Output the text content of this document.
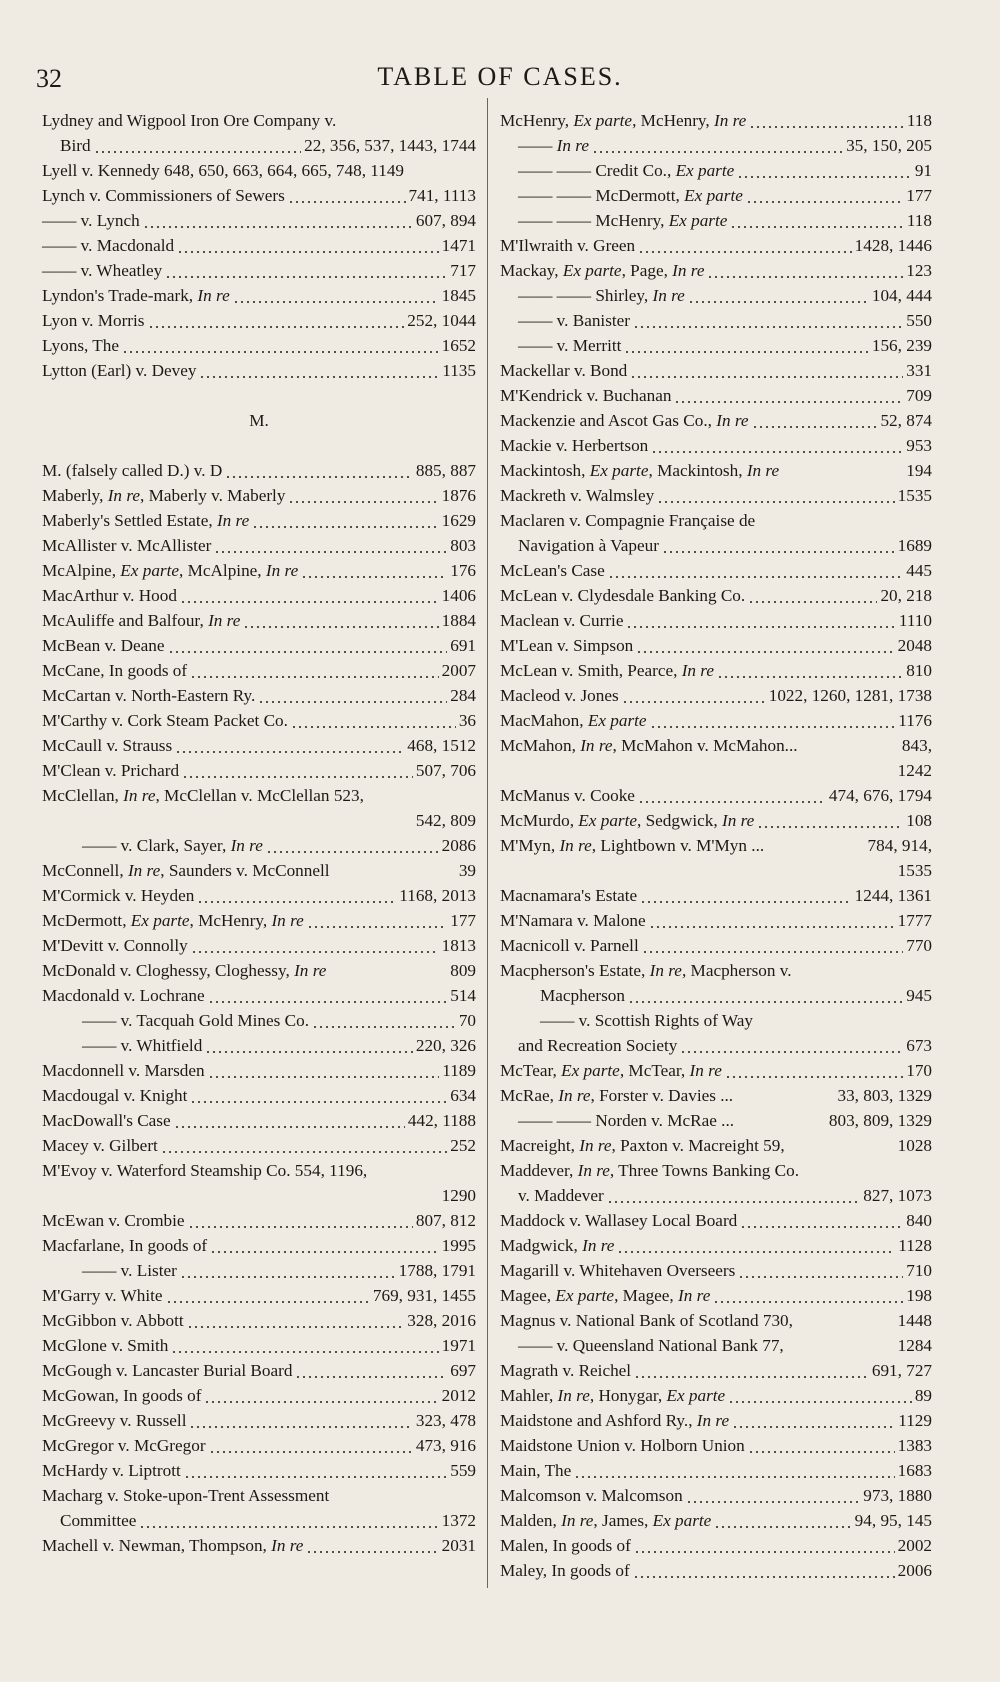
32	TABLE OF CASES.
Lydney and Wigpool Iron Ore Company v.
Bird	22, 356, 537, 1443, 1744
Lyell v. Kennedy 648, 650, 663, 664, 665, 748, 1149
Lynch v. Commissioners of Sewers	741, 1113
—— v. Lynch	607, 894
—— v. Macdonald	1471
—— v. Wheatley	717
Lyndon's Trade-mark, In re	1845
Lyon v. Morris	252, 1044
Lyons, The	1652
Lytton (Earl) v. Devey	1135
M.
M. (falsely called D.) v. D	885, 887
Maberly, In re, Maberly v. Maberly	1876
Maberly's Settled Estate, In re	1629
McAllister v. McAllister	803
McAlpine, Ex parte, McAlpine, In re	176
MacArthur v. Hood	1406
McAuliffe and Balfour, In re	1884
McBean v. Deane	691
McCane, In goods of	2007
McCartan v. North-Eastern Ry.	284
M'Carthy v. Cork Steam Packet Co.	36
McCaull v. Strauss	468, 1512
M'Clean v. Prichard	507, 706
McClellan, In re, McClellan v. McClellan 523,
542, 809
—— v. Clark, Sayer, In re	2086
McConnell, In re, Saunders v. McConnell	39
M'Cormick v. Heyden	1168, 2013
McDermott, Ex parte, McHenry, In re	177
M'Devitt v. Connolly	1813
McDonald v. Cloghessy, Cloghessy, In re	809
Macdonald v. Lochrane	514
—— v. Tacquah Gold Mines Co.	70
—— v. Whitfield	220, 326
Macdonnell v. Marsden	1189
Macdougal v. Knight	634
MacDowall's Case	442, 1188
Macey v. Gilbert	252
M'Evoy v. Waterford Steamship Co. 554, 1196,
1290
McEwan v. Crombie	807, 812
Macfarlane, In goods of	1995
—— v. Lister	1788, 1791
M'Garry v. White	769, 931, 1455
McGibbon v. Abbott	328, 2016
McGlone v. Smith	1971
McGough v. Lancaster Burial Board	697
McGowan, In goods of	2012
McGreevy v. Russell	323, 478
McGregor v. McGregor	473, 916
McHardy v. Liptrott	559
Macharg v. Stoke-upon-Trent Assessment
Committee	1372
Machell v. Newman, Thompson, In re	2031
McHenry, Ex parte, McHenry, In re	118
—— In re	35, 150, 205
—— —— Credit Co., Ex parte	91
—— —— McDermott, Ex parte	177
—— —— McHenry, Ex parte	118
M'Ilwraith v. Green	1428, 1446
Mackay, Ex parte, Page, In re	123
—— —— Shirley, In re	104, 444
—— v. Banister	550
—— v. Merritt	156, 239
Mackellar v. Bond	331
M'Kendrick v. Buchanan	709
Mackenzie and Ascot Gas Co., In re	52, 874
Mackie v. Herbertson	953
Mackintosh, Ex parte, Mackintosh, In re	194
Mackreth v. Walmsley	1535
Maclaren v. Compagnie Française de
Navigation à Vapeur	1689
McLean's Case	445
McLean v. Clydesdale Banking Co.	20, 218
Maclean v. Currie	1110
M'Lean v. Simpson	2048
McLean v. Smith, Pearce, In re	810
Macleod v. Jones	1022, 1260, 1281, 1738
MacMahon, Ex parte	1176
McMahon, In re, McMahon v. McMahon...	843,
1242
McManus v. Cooke	474, 676, 1794
McMurdo, Ex parte, Sedgwick, In re	108
M'Myn, In re, Lightbown v. M'Myn ...	784, 914,
1535
Macnamara's Estate	1244, 1361
M'Namara v. Malone	1777
Macnicoll v. Parnell	770
Macpherson's Estate, In re, Macpherson v.
Macpherson	945
—— v. Scottish Rights of Way
and Recreation Society	673
McTear, Ex parte, McTear, In re	170
McRae, In re, Forster v. Davies ...	33, 803, 1329
—— —— Norden v. McRae ...	803, 809, 1329
Macreight, In re, Paxton v. Macreight 59,	1028
Maddever, In re, Three Towns Banking Co.
v. Maddever	827, 1073
Maddock v. Wallasey Local Board	840
Madgwick, In re	1128
Magarill v. Whitehaven Overseers	710
Magee, Ex parte, Magee, In re	198
Magnus v. National Bank of Scotland 730,	1448
—— v. Queensland National Bank 77,	1284
Magrath v. Reichel	691, 727
Mahler, In re, Honygar, Ex parte	89
Maidstone and Ashford Ry., In re	1129
Maidstone Union v. Holborn Union	1383
Main, The	1683
Malcomson v. Malcomson	973, 1880
Malden, In re, James, Ex parte	94, 95, 145
Malen, In goods of	2002
Maley, In goods of	2006
